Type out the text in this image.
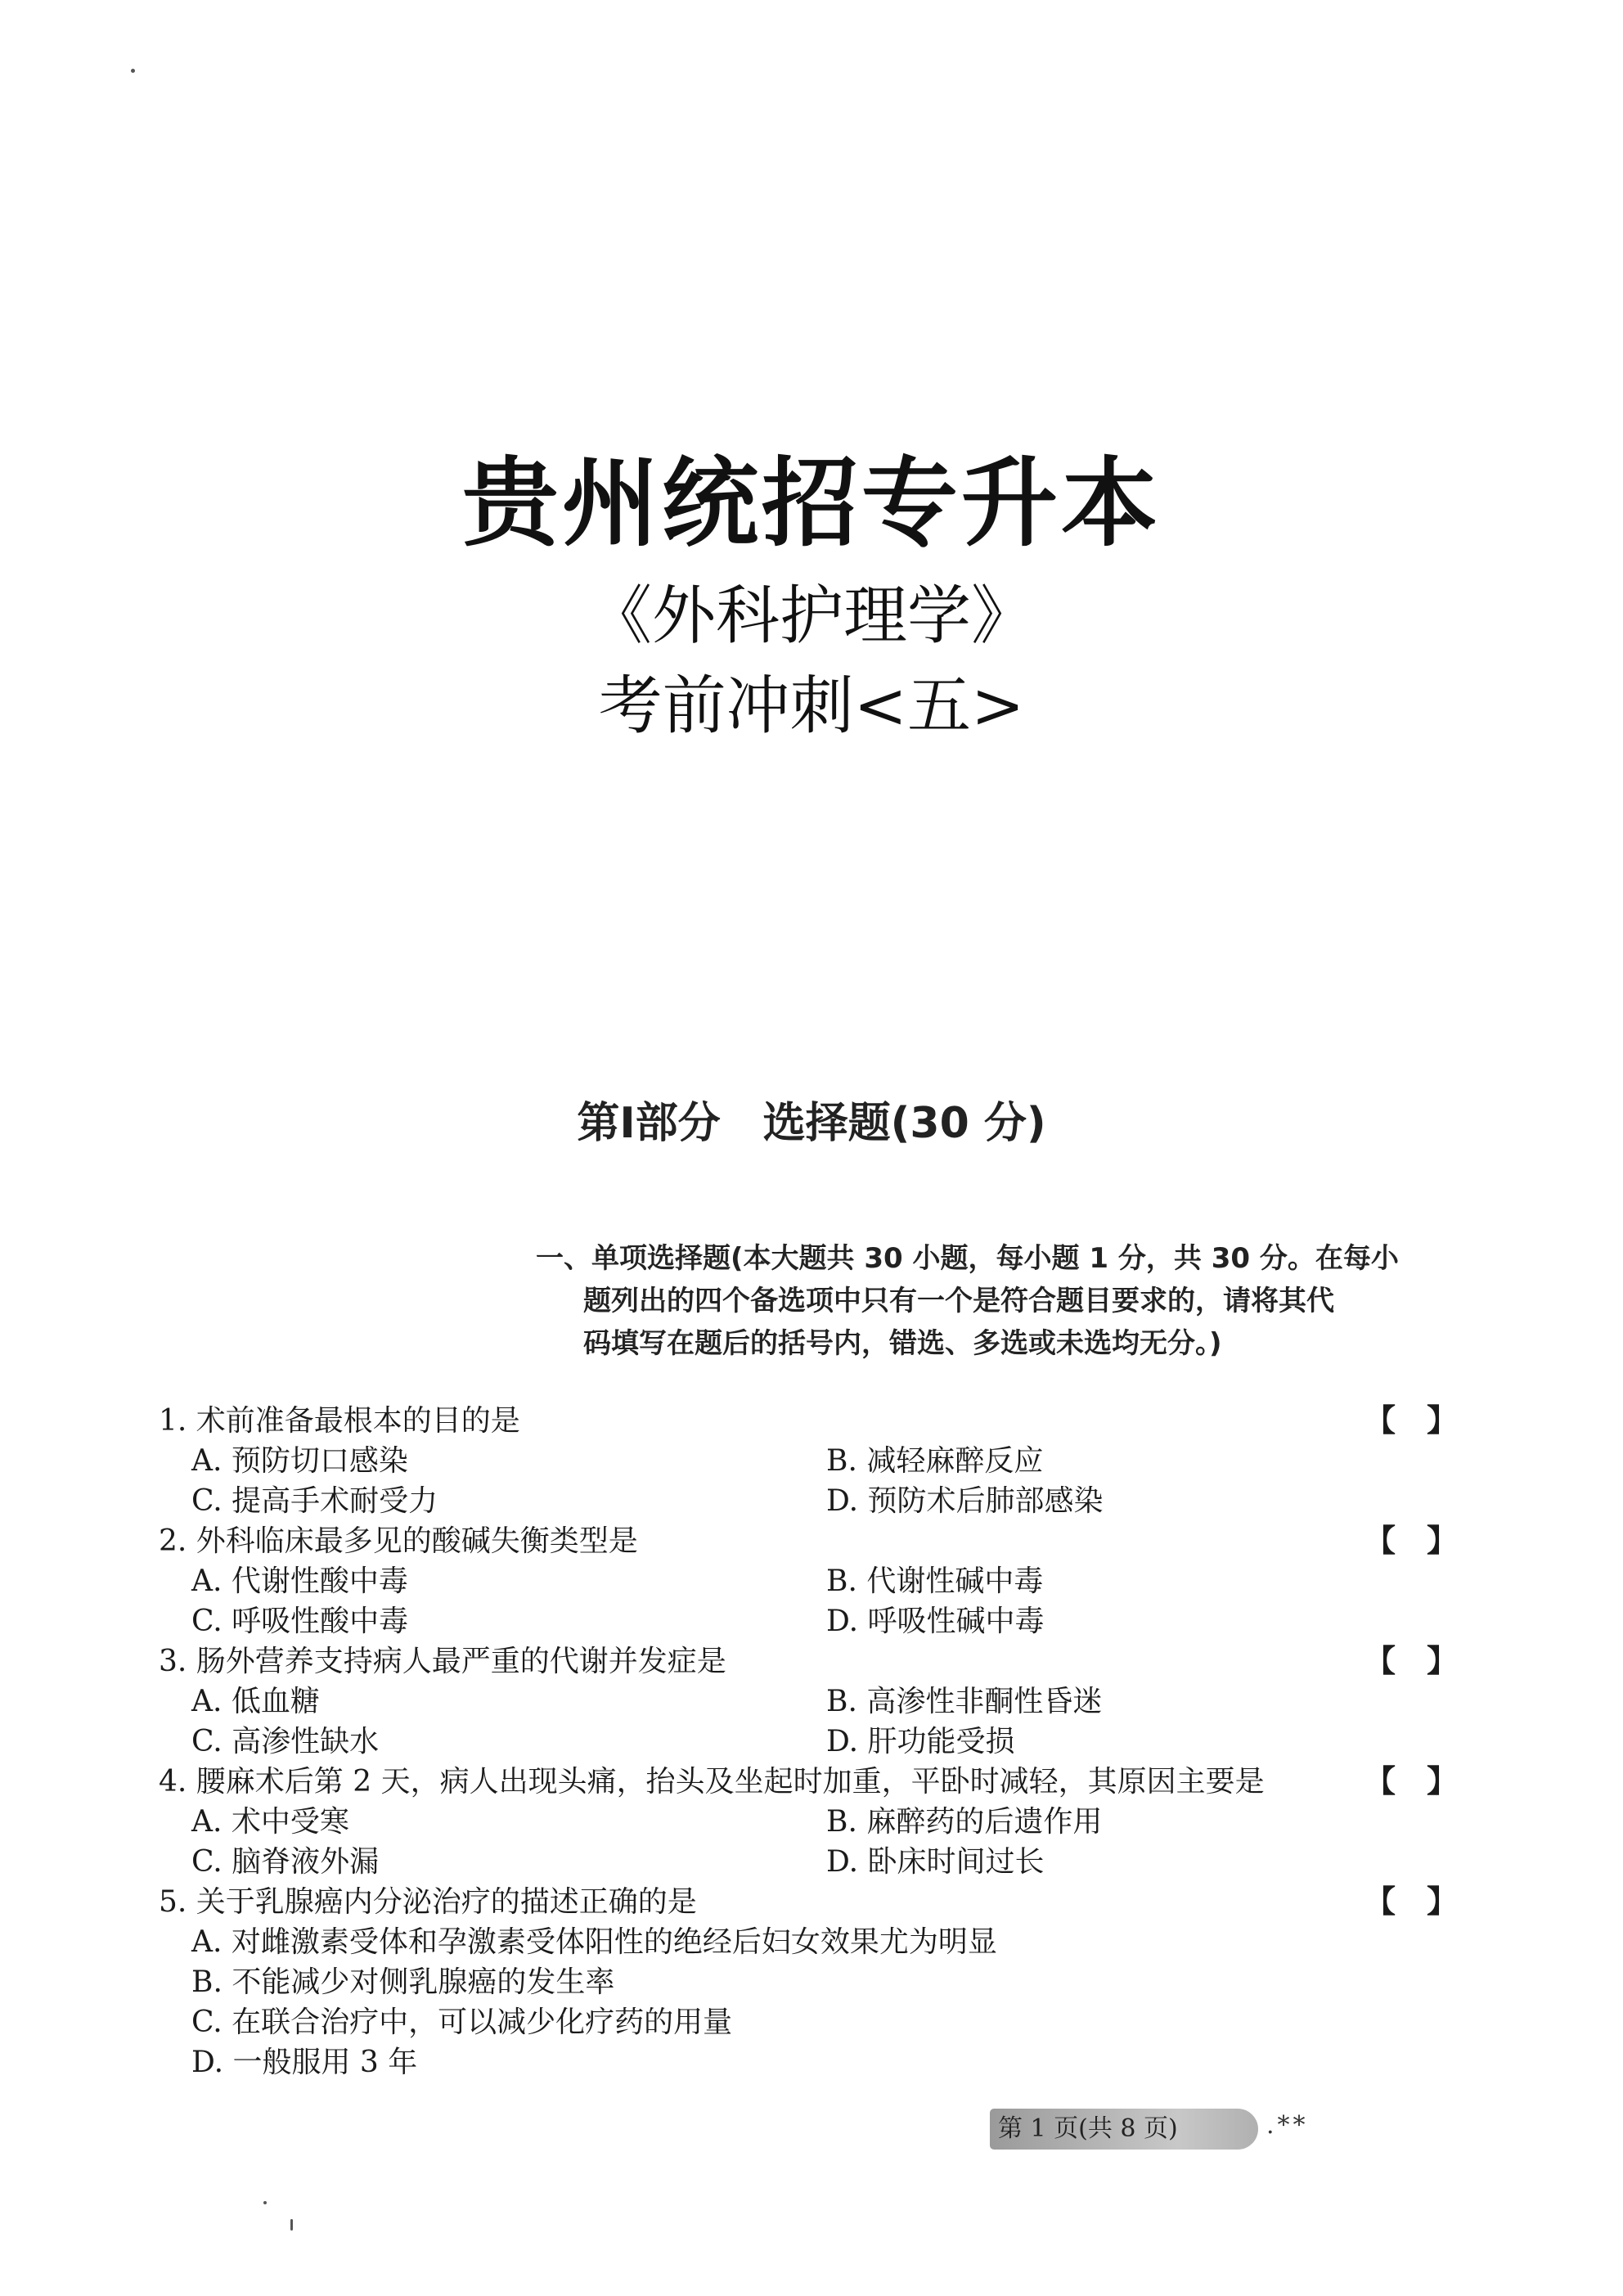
贵州统招专升本
《外科护理学》
考前冲刺<五>
第Ⅰ部分　选择题(30 分)
一、单项选择题(本大题共 30 小题，每小题 1 分，共 30 分。在每小
题列出的四个备选项中只有一个是符合题目要求的，请将其代
码填写在题后的括号内，错选、多选或未选均无分。)
1. 术前准备最根本的目的是	【　】
A. 预防切口感染	B. 减轻麻醉反应
C. 提高手术耐受力	D. 预防术后肺部感染
2. 外科临床最多见的酸碱失衡类型是	【　】
A. 代谢性酸中毒	B. 代谢性碱中毒
C. 呼吸性酸中毒	D. 呼吸性碱中毒
3. 肠外营养支持病人最严重的代谢并发症是	【　】
A. 低血糖	B. 高渗性非酮性昏迷
C. 高渗性缺水	D. 肝功能受损
4. 腰麻术后第 2 天，病人出现头痛，抬头及坐起时加重，平卧时减轻，其原因主要是	【　】
A. 术中受寒	B. 麻醉药的后遗作用
C. 脑脊液外漏	D. 卧床时间过长
5. 关于乳腺癌内分泌治疗的描述正确的是	【　】
A. 对雌激素受体和孕激素受体阳性的绝经后妇女效果尤为明显
B. 不能减少对侧乳腺癌的发生率
C. 在联合治疗中，可以减少化疗药的用量
D. 一般服用 3 年
第 1 页(共 8 页)	.**
